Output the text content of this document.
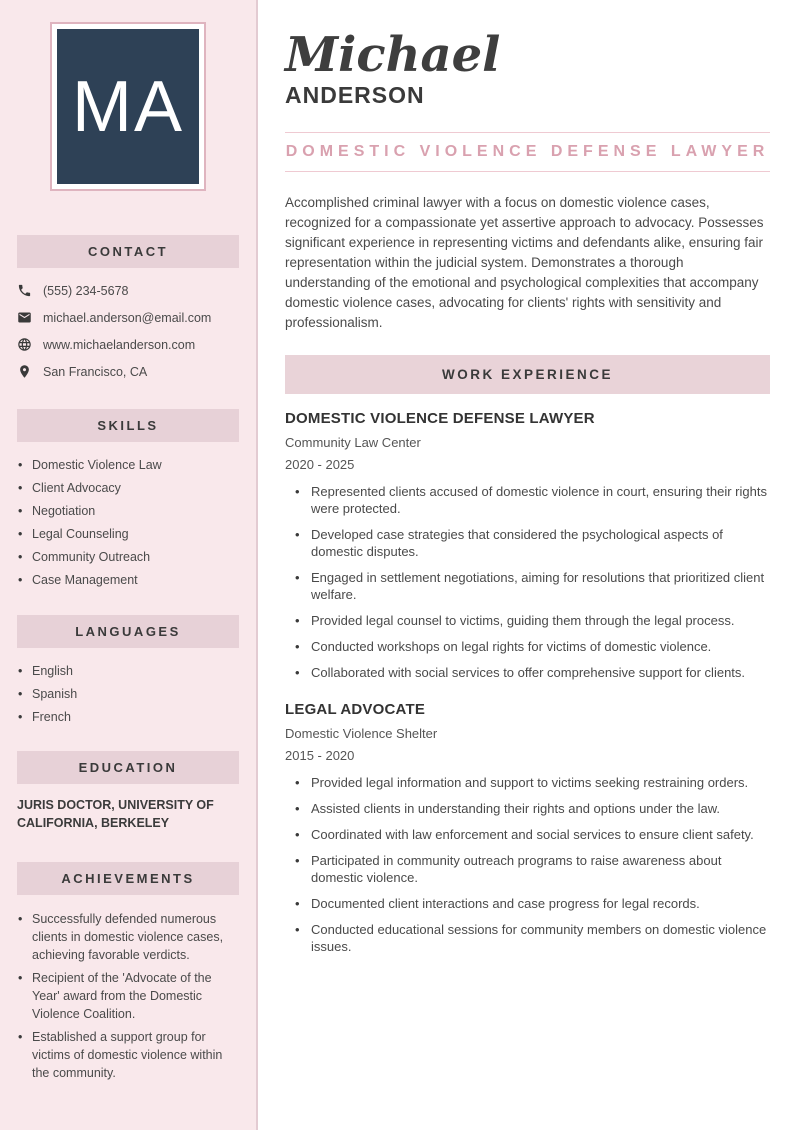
MA
CONTACT
(555) 234-5678
michael.anderson@email.com
www.michaelanderson.com
San Francisco, CA
SKILLS
• Domestic Violence Law
• Client Advocacy
• Negotiation
• Legal Counseling
• Community Outreach
• Case Management
LANGUAGES
• English
• Spanish
• French
EDUCATION
JURIS DOCTOR, UNIVERSITY OF CALIFORNIA, BERKELEY
ACHIEVEMENTS
• Successfully defended numerous clients in domestic violence cases, achieving favorable verdicts.
• Recipient of the 'Advocate of the Year' award from the Domestic Violence Coalition.
• Established a support group for victims of domestic violence within the community.
Michael
ANDERSON
DOMESTIC VIOLENCE DEFENSE LAWYER

Accomplished criminal lawyer with a focus on domestic violence cases, recognized for a compassionate yet assertive approach to advocacy. Possesses significant experience in representing victims and defendants alike, ensuring fair representation within the judicial system. Demonstrates a thorough understanding of the emotional and psychological complexities that accompany domestic violence cases, advocating for clients' rights with sensitivity and professionalism.

WORK EXPERIENCE
DOMESTIC VIOLENCE DEFENSE LAWYER
Community Law Center
2020 - 2025
• Represented clients accused of domestic violence in court, ensuring their rights were protected.
• Developed case strategies that considered the psychological aspects of domestic disputes.
• Engaged in settlement negotiations, aiming for resolutions that prioritized client welfare.
• Provided legal counsel to victims, guiding them through the legal process.
• Conducted workshops on legal rights for victims of domestic violence.
• Collaborated with social services to offer comprehensive support for clients.
LEGAL ADVOCATE
Domestic Violence Shelter
2015 - 2020
• Provided legal information and support to victims seeking restraining orders.
• Assisted clients in understanding their rights and options under the law.
• Coordinated with law enforcement and social services to ensure client safety.
• Participated in community outreach programs to raise awareness about domestic violence.
• Documented client interactions and case progress for legal records.
• Conducted educational sessions for community members on domestic violence issues.
